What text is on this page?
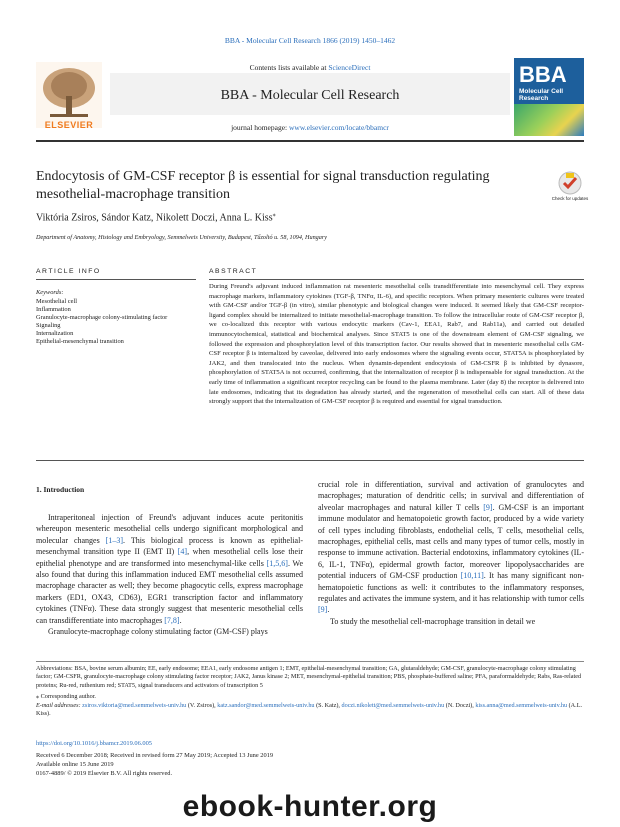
BBA - Molecular Cell Research 1866 (2019) 1450–1462
ELSEVIER
Contents lists available at ScienceDirect
BBA - Molecular Cell Research
journal homepage: www.elsevier.com/locate/bbamcr
BBA
Molecular Cell Research
Endocytosis of GM-CSF receptor β is essential for signal transduction regulating mesothelial-macrophage transition	Check for updates
Viktória Zsiros, Sándor Katz, Nikolett Doczi, Anna L. Kiss⁎
Department of Anatomy, Histology and Embryology, Semmelweis University, Budapest, Tűzoltó u. 58, 1094, Hungary
ARTICLE INFO
Keywords:
Mesothelial cell
Inflammation
Granulocyte-macrophage colony-stimulating factor
Signaling
Internalization
Epithelial-mesenchymal transition
ABSTRACT
During Freund's adjuvant induced inflammation rat mesenteric mesothelial cells transdifferentiate into mesenchymal cell. They express macrophage markers, inflammatory cytokines (TGF-β, TNFα, IL-6), and specific receptors. When primary mesenteric cultures were treated with GM-CSF and/or TGF-β (in vitro), similar phenotypic and biological changes were induced. It seemed likely that GM-CSF receptor-ligand complex should be internalized to initiate mesothelial-macrophage transition. To follow the intracellular route of GM-CSF receptor β, we co-localized this receptor with various endocytic markers (Cav-1, EEA1, Rab7, and Rab11a), and carried out detailed immunocytochemical, statistical and biochemical analyses. Since STAT5 is one of the downstream element of GM-CSF signaling, we followed the expression and phosphorylation level of this transcription factor. Our results showed that in mesenteric mesothelial cells GM-CSF receptor β is internalized by caveolae, delivered into early endosomes where the signaling events occur, STAT5A is phosphorylated by JAK2, and then translocated into the nucleus. When dynamin-dependent endocytosis of GM-CSFR β is inhibited by dynasore, phosphorylation of STAT5A is not occurred, confirming, that the internalization of receptor β is indispensable for signal transduction. At the early time of inflammation a significant receptor recycling can be found to the plasma membrane. Later (day 8) the receptor is delivered into late endosomes, indicating that its degradation has already started, and the regeneration of mesothelial cells can start. All of these data strongly support that the internalization of GM-CSF receptor β is required and essential for signal transduction.
1. Introduction

Intraperitoneal injection of Freund's adjuvant induces acute peritonitis whereupon mesenteric mesothelial cells undergo significant morphological and molecular changes [1–3]. This biological process is known as epithelial-mesenchymal transition type II (EMT II) [4], when mesothelial cells lose their epithelial phenotype and are transformed into mesenchymal-like cells [1,5,6]. We also found that during this inflammation induced EMT mesothelial cells assumed macrophage character as well; they become phagocytic cells, express macrophage markers (ED1, OX43, CD63), EGR1 transcription factor and inflammatory cytokines (TNFα). These data strongly suggest that mesenteric mesothelial cells can transdifferentiate into macrophages [7,8].

Granulocyte-macrophage colony stimulating factor (GM-CSF) plays

crucial role in differentiation, survival and activation of granulocytes and macrophages; maturation of dendritic cells; in survival and differentiation of alveolar macrophages and natural killer T cells [9]. GM-CSF is an important immune modulator and hematopoietic growth factor, produced by a wide variety of cell types including fibroblasts, endothelial cells, T cells, mesothelial cells, macrophages, epithelial cells, mast cells and many types of tumor cells, mostly in response to immune activation. Bacterial endotoxins, inflammatory cytokines (IL-6, IL-1, TNFα), epidermal growth factor, moreover lipopolysaccharides are potential inducers of GM-CSF production [10,11]. It has many significant non-hematopoietic functions as well: it contributes to the inflammatory responses, regulates and activates the immune system, and it has relationship with tumor cells [9].

To study the mesothelial cell-macrophage transition in detail we

Abbreviations: BSA, bovine serum albumin; EE, early endosome; EEA1, early endosome antigen 1; EMT, epithelial-mesenchymal transition; GA, glutaraldehyde; GM-CSF, granulocyte-macrophage colony stimulating factor; GM-CSFR, granulocyte-macrophage colony stimulating factor receptor; JAK2, Janus kinase 2; MET, mesenchymal-epithelial transition; PBS, phosphate-buffered saline; PFA, paraformaldehyde; Rabs, Ras-related proteins; Ru-red, ruthenium red; STAT5, signal transducers and activators of transcription 5

⁎ Corresponding author.

E-mail addresses: zsiros.viktoria@med.semmelweis-univ.hu (V. Zsiros), katz.sandor@med.semmelweis-univ.hu (S. Katz), doczi.nikolett@med.semmelweis-univ.hu (N. Doczi), kiss.anna@med.semmelweis-univ.hu (A.L. Kiss).

https://doi.org/10.1016/j.bbamcr.2019.06.005
Received 6 December 2018; Received in revised form 27 May 2019; Accepted 13 June 2019
Available online 15 June 2019
0167-4889/ © 2019 Elsevier B.V. All rights reserved.
ebook-hunter.org
